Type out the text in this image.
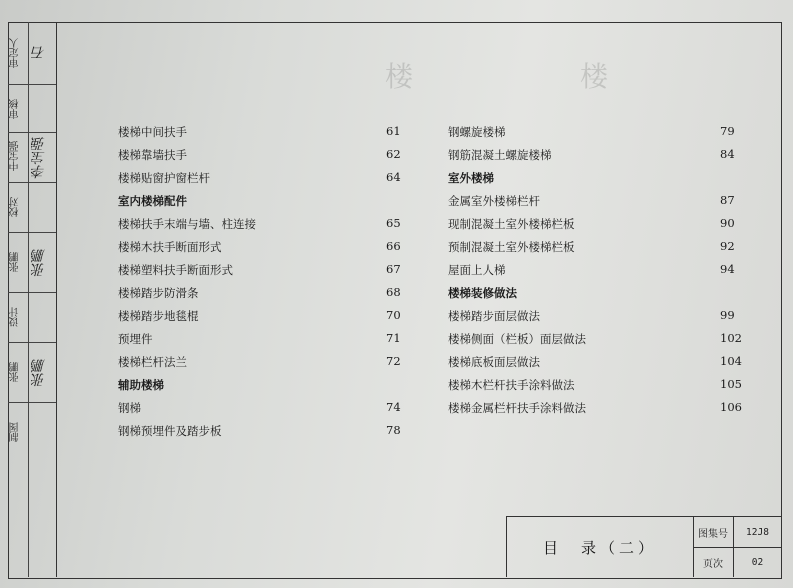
楼	楼
审定人 石
审核
中宝强 李宝强
校对
张鹏 张鹏
设计
张鹏 张鹏
制图
楼梯中间扶手	61
楼梯靠墙扶手	62
楼梯贴窗护窗栏杆	64
室内楼梯配件
楼梯扶手末端与墙、柱连接	65
楼梯木扶手断面形式	66
楼梯塑料扶手断面形式	67
楼梯踏步防滑条	68
楼梯踏步地毯棍	70
预埋件	71
楼梯栏杆法兰	72
辅助楼梯
钢梯	74
钢梯预埋件及踏步板	78
钢螺旋楼梯	79
钢筋混凝土螺旋楼梯	84
室外楼梯
金属室外楼梯栏杆	87
现制混凝土室外楼梯栏板	90
预制混凝土室外楼梯栏板	92
屋面上人梯	94
楼梯装修做法
楼梯踏步面层做法	99
楼梯侧面（栏板）面层做法	102
楼梯底板面层做法	104
楼梯木栏杆扶手涂料做法	105
楼梯金属栏杆扶手涂料做法	106
目　录（二）
图集号	12J8
页次	02
